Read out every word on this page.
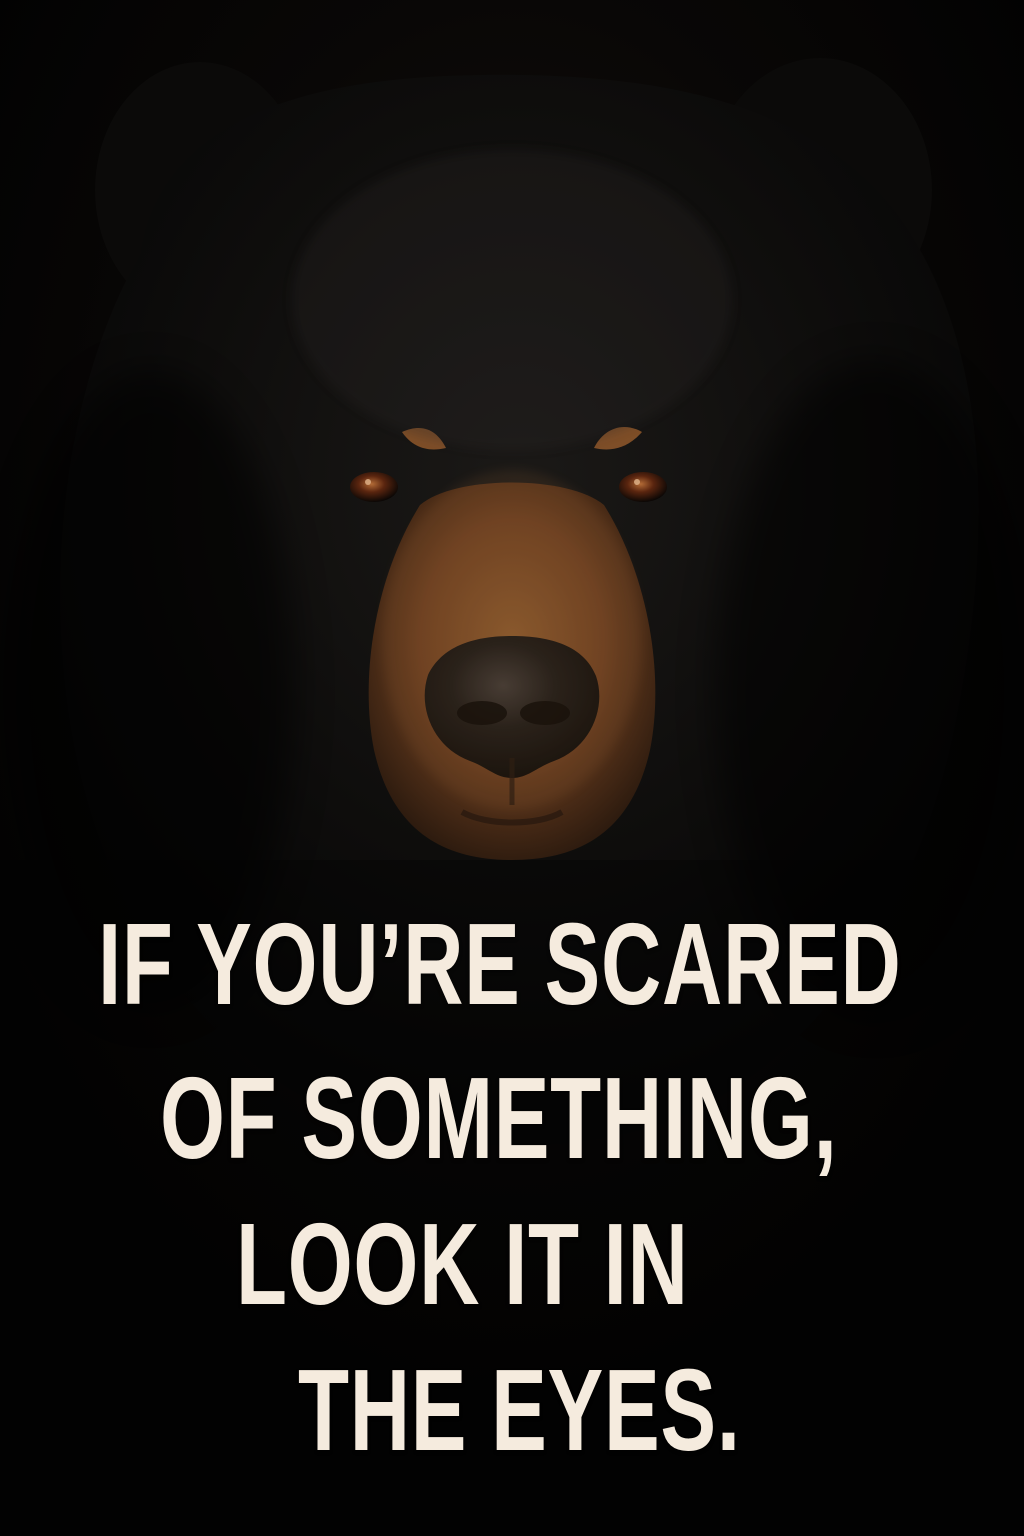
IF YOU’RE SCARED

OF SOMETHING,

LOOK IT IN

THE EYES.
